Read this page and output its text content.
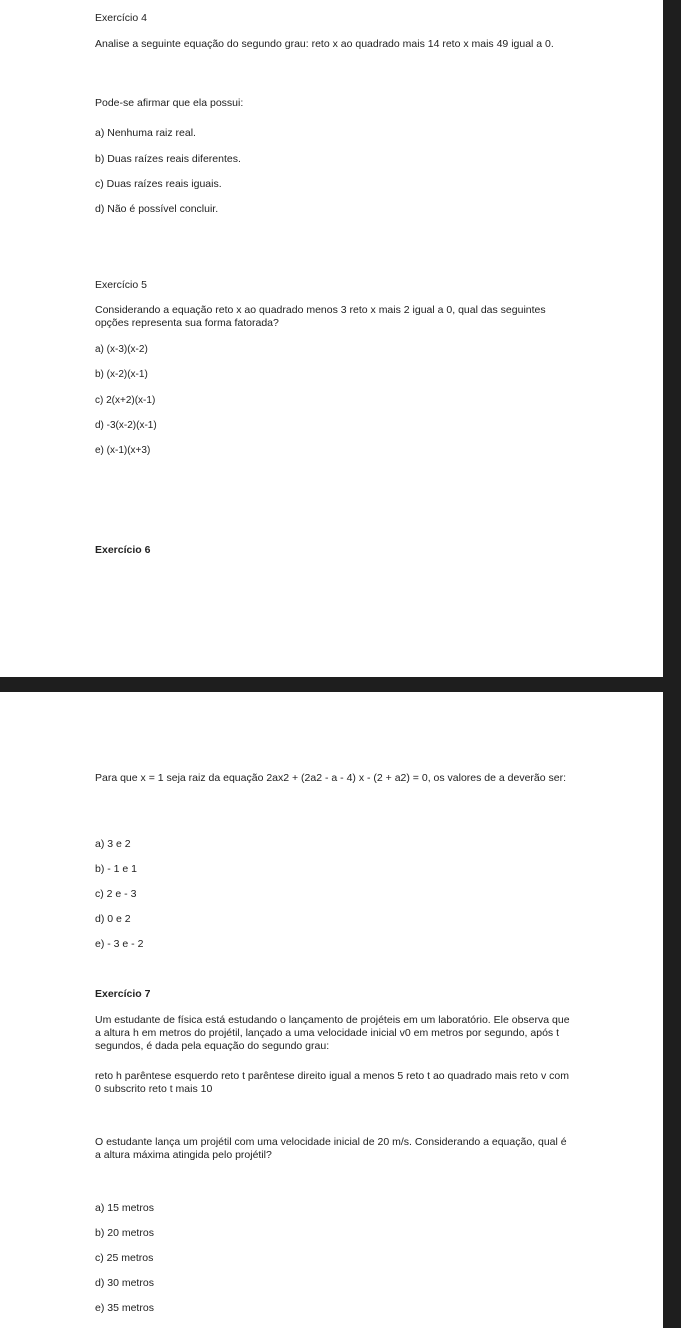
Exercício 4

Analise a seguinte equação do segundo grau: reto x ao quadrado mais 14 reto x mais 49 igual a 0.

Pode-se afirmar que ela possui:

a) Nenhuma raiz real.

b) Duas raízes reais diferentes.

c) Duas raízes reais iguais.

d) Não é possível concluir.

Exercício 5

Considerando a equação reto x ao quadrado menos 3 reto x mais 2 igual a 0, qual das seguintes opções representa sua forma fatorada?

a) (x-3)(x-2)

b) (x-2)(x-1)

c) 2(x+2)(x-1)

d) -3(x-2)(x-1)

e) (x-1)(x+3)

Exercício 6

Para que x = 1 seja raiz da equação 2ax2 + (2a2 - a - 4) x - (2 + a2) = 0, os valores de a deverão ser:

a) 3 e 2

b) - 1 e 1

c) 2 e - 3

d) 0 e 2

e) - 3 e - 2

Exercício 7

Um estudante de física está estudando o lançamento de projéteis em um laboratório. Ele observa que a altura h em metros do projétil, lançado a uma velocidade inicial v0 em metros por segundo, após t segundos, é dada pela equação do segundo grau:

reto h parêntese esquerdo reto t parêntese direito igual a menos 5 reto t ao quadrado mais reto v com 0 subscrito reto t mais 10

O estudante lança um projétil com uma velocidade inicial de 20 m/s. Considerando a equação, qual é a altura máxima atingida pelo projétil?

a) 15 metros

b) 20 metros

c) 25 metros

d) 30 metros

e) 35 metros
